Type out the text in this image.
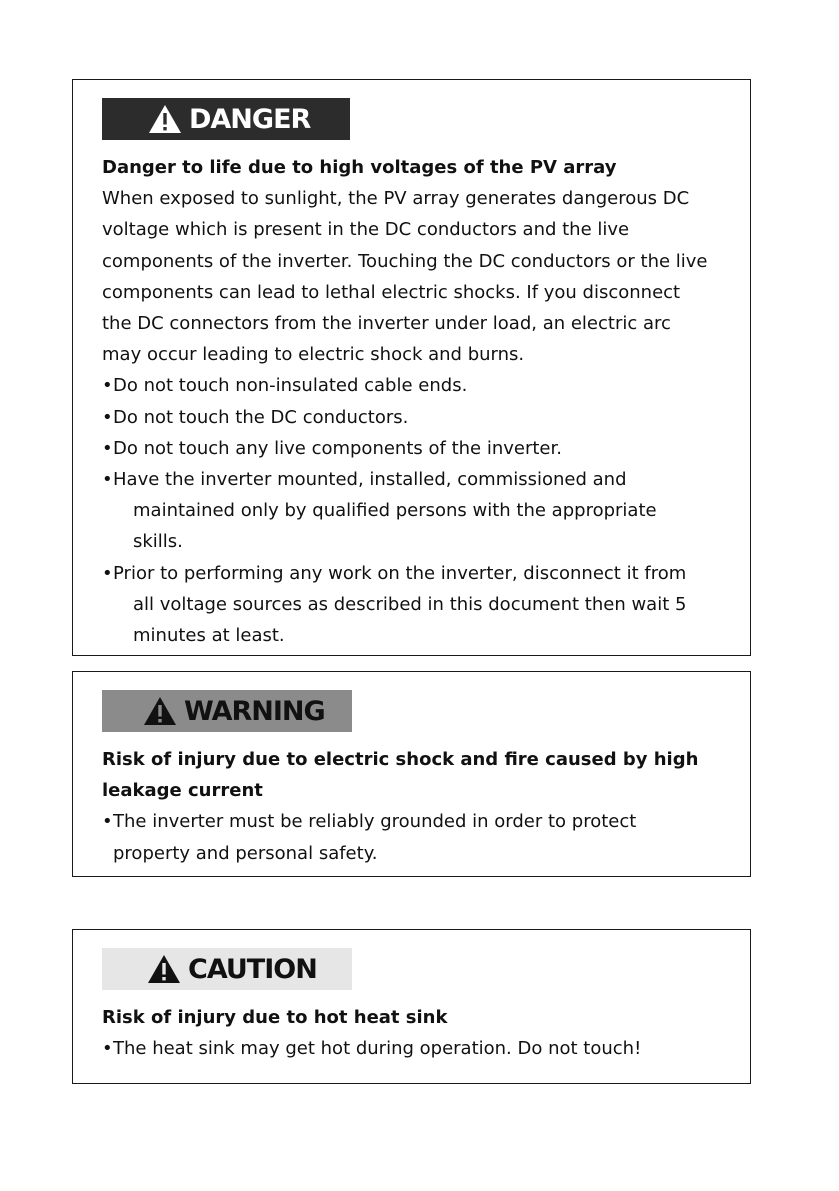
DANGER

Danger to life due to high voltages of the PV array

When exposed to sunlight, the PV array generates dangerous DC
voltage which is present in the DC conductors and the live
components of the inverter. Touching the DC conductors or the live
components can lead to lethal electric shocks. If you disconnect
the DC connectors from the inverter under load, an electric arc
may occur leading to electric shock and burns.

• Do not touch non-insulated cable ends.
• Do not touch the DC conductors.
• Do not touch any live components of the inverter.
• Have the inverter mounted, installed, commissioned and
maintained only by qualified persons with the appropriate
skills.
• Prior to performing any work on the inverter, disconnect it from
all voltage sources as described in this document then wait 5
minutes at least.
WARNING

Risk of injury due to electric shock and fire caused by high
leakage current

• The inverter must be reliably grounded in order to protect
property and personal safety.
CAUTION

Risk of injury due to hot heat sink

• The heat sink may get hot during operation. Do not touch!
